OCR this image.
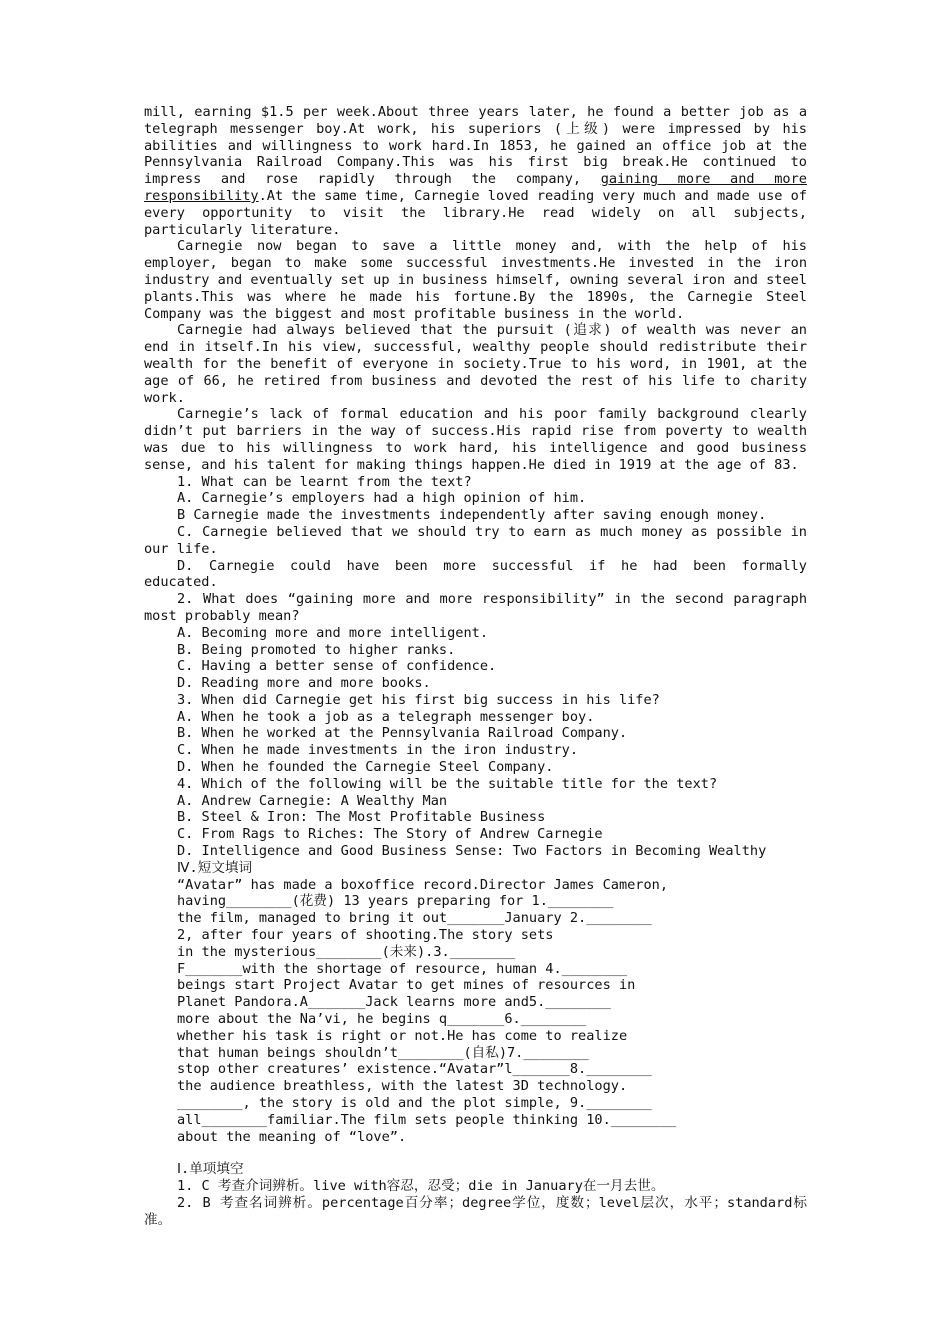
mill, earning $1.5 per week.About three years later, he found a better job as a telegraph messenger boy.At work, his superiors (上级) were impressed by his abilities and willingness to work hard.In 1853, he gained an office job at the Pennsylvania Railroad Company.This was his first big break.He continued to impress and rose rapidly through the company, gaining more and more responsibility.At the same time, Carnegie loved reading very much and made use of every opportunity to visit the library.He read widely on all subjects, particularly literature.

Carnegie now began to save a little money and, with the help of his employer, began to make some successful investments.He invested in the iron industry and eventually set up in business himself, owning several iron and steel plants.This was where he made his fortune.By the 1890s, the Carnegie Steel Company was the biggest and most profitable business in the world.

Carnegie had always believed that the pursuit (追求) of wealth was never an end in itself.In his view, successful, wealthy people should redistribute their wealth for the benefit of everyone in society.True to his word, in 1901, at the age of 66, he retired from business and devoted the rest of his life to charity work.

Carnegie’s lack of formal education and his poor family background clearly didn’t put barriers in the way of success.His rapid rise from poverty to wealth was due to his willingness to work hard, his intelligence and good business sense, and his talent for making things happen.He died in 1919 at the age of 83.

1. What can be learnt from the text?

A. Carnegie’s employers had a high opinion of him.

B Carnegie made the investments independently after saving enough money.

C. Carnegie believed that we should try to earn as much money as possible in our life.

D. Carnegie could have been more successful if he had been formally educated.

2. What does “gaining more and more responsibility” in the second paragraph most probably mean?

A. Becoming more and more intelligent.

B. Being promoted to higher ranks.

C. Having a better sense of confidence.

D. Reading more and more books.

3. When did Carnegie get his first big success in his life?

A. When he took a job as a telegraph messenger boy.

B. When he worked at the Pennsylvania Railroad Company.

C. When he made investments in the iron industry.

D. When he founded the Carnegie Steel Company.

4. Which of the following will be the suitable title for the text?

A. Andrew Carnegie: A Wealthy Man

B. Steel & Iron: The Most Profitable Business

C. From Rags to Riches: The Story of Andrew Carnegie

D. Intelligence and Good Business Sense: Two Factors in Becoming Wealthy

Ⅳ.短文填词

“Avatar” has made a boxoffice record.Director James Cameron,

having________(花费) 13 years preparing for 1.________

the film, managed to bring it out_______January 2.________

2, after four years of shooting.The story sets

in the mysterious________(未来).3.________

F_______with the shortage of resource, human 4.________

beings start Project Avatar to get mines of resources in

Planet Pandora.A_______Jack learns more and5.________

more about the Na’vi, he begins q_______6.________

whether his task is right or not.He has come to realize

that human beings shouldn’t________(自私)7.________

stop other creatures’ existence.“Avatar”l_______8.________

the audience breathless, with the latest 3D technology.

________, the story is old and the plot simple, 9.________

all________familiar.The film sets people thinking 10.________

about the meaning of “love”.

Ⅰ.单项填空

1. C 考查介词辨析。live with容忍，忍受；die in January在一月去世。

2. B 考查名词辨析。percentage百分率；degree学位，度数；level层次，水平；standard标准。
